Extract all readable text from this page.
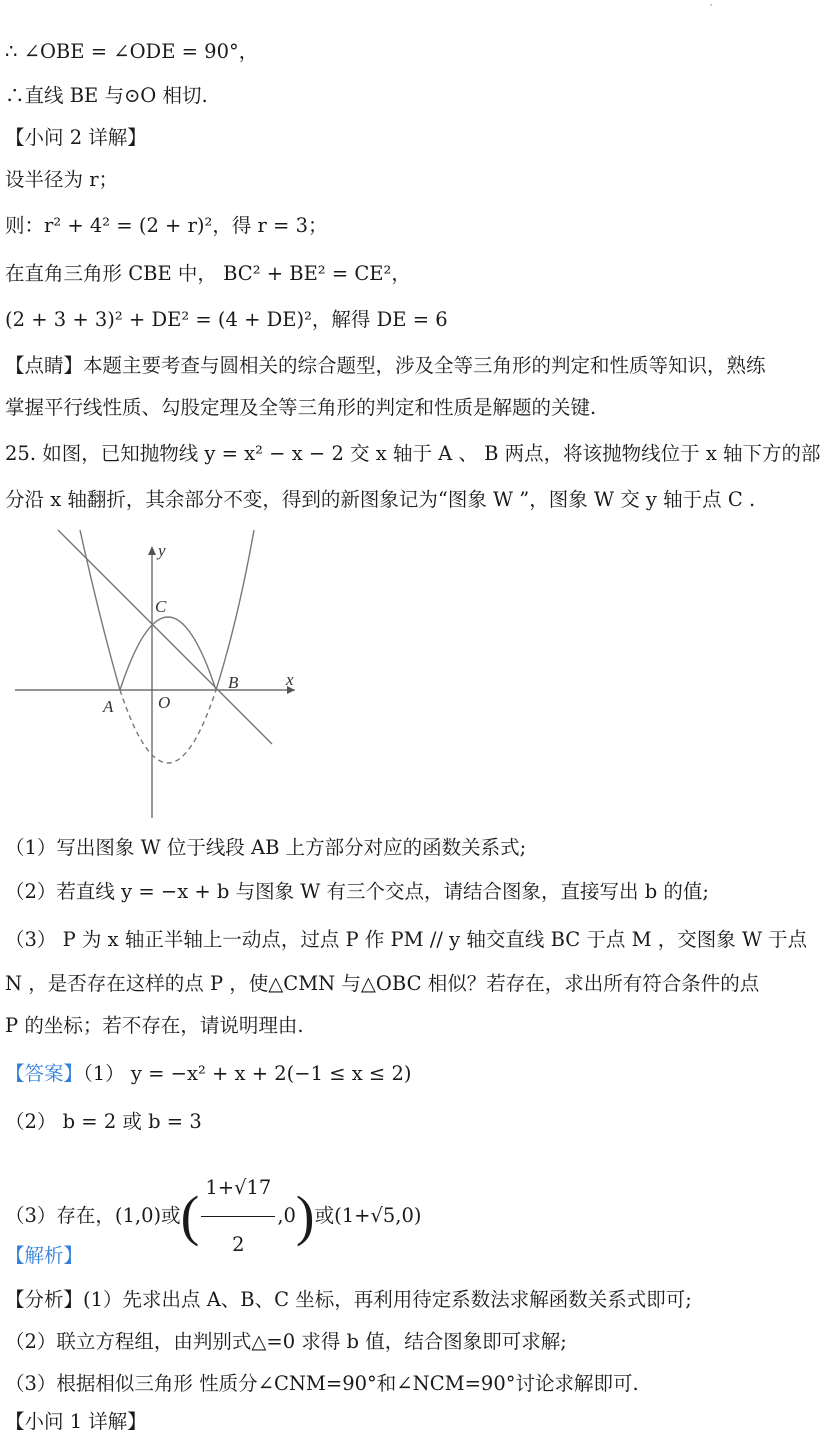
∴ ∠OBE = ∠ODE = 90°，
∴直线 BE 与⊙O 相切.
【小问 2 详解】
设半径为 r；
则：r² + 4² = (2 + r)²，得 r = 3；
在直角三角形 CBE 中， BC² + BE² = CE²，
(2 + 3 + 3)² + DE² = (4 + DE)²，解得 DE = 6
【点睛】本题主要考查与圆相关的综合题型，涉及全等三角形的判定和性质等知识，熟练
掌握平行线性质、勾股定理及全等三角形的判定和性质是解题的关键.
25. 如图，已知抛物线 y = x² − x − 2 交 x 轴于 A 、 B 两点，将该抛物线位于 x 轴下方的部
分沿 x 轴翻折，其余部分不变，得到的新图象记为“图象 W ”，图象 W 交 y 轴于点 C .
y
x
C
A	O
B
（1）写出图象 W 位于线段 AB 上方部分对应的函数关系式;
（2）若直线 y = −x + b 与图象 W 有三个交点，请结合图象，直接写出 b 的值;
（3） P 为 x 轴正半轴上一动点，过点 P 作 PM // y 轴交直线 BC 于点 M ，交图象 W 于点
N ，是否存在这样的点 P ，使△CMN 与△OBC 相似？若存在，求出所有符合条件的点
P 的坐标；若不存在，请说明理由.
【答案】（1） y = −x² + x + 2(−1 ≤ x ≤ 2)
（2） b = 2 或 b = 3
（3）存在，(1,0)或( $\frac{1+√17}{2} ,0$)或(1+√5,0)
【解析】
【分析】(1）先求出点 A、B、C 坐标，再利用待定系数法求解函数关系式即可;
（2）联立方程组，由判别式△=0 求得 b 值，结合图象即可求解;
（3）根据相似三角形 性质分∠CNM=90°和∠NCM=90°讨论求解即可.
【小问 1 详解】
